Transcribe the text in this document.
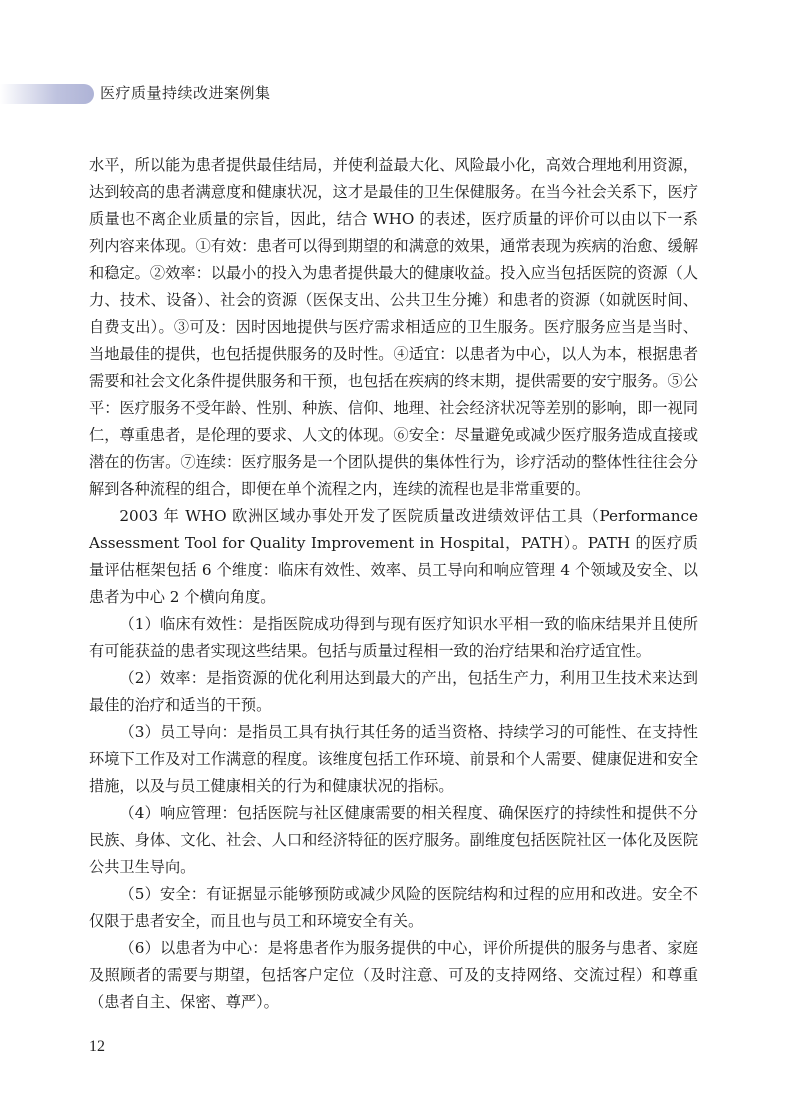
医疗质量持续改进案例集

水平，所以能为患者提供最佳结局，并使利益最大化、风险最小化，高效合理地利用资源，达到较高的患者满意度和健康状况，这才是最佳的卫生保健服务。在当今社会关系下，医疗质量也不离企业质量的宗旨，因此，结合 WHO 的表述，医疗质量的评价可以由以下一系列内容来体现。①有效：患者可以得到期望的和满意的效果，通常表现为疾病的治愈、缓解和稳定。②效率：以最小的投入为患者提供最大的健康收益。投入应当包括医院的资源（人力、技术、设备）、社会的资源（医保支出、公共卫生分摊）和患者的资源（如就医时间、自费支出）。③可及：因时因地提供与医疗需求相适应的卫生服务。医疗服务应当是当时、当地最佳的提供，也包括提供服务的及时性。④适宜：以患者为中心，以人为本，根据患者需要和社会文化条件提供服务和干预，也包括在疾病的终末期，提供需要的安宁服务。⑤公平：医疗服务不受年龄、性别、种族、信仰、地理、社会经济状况等差别的影响，即一视同仁，尊重患者，是伦理的要求、人文的体现。⑥安全：尽量避免或减少医疗服务造成直接或潜在的伤害。⑦连续：医疗服务是一个团队提供的集体性行为，诊疗活动的整体性往往会分解到各种流程的组合，即便在单个流程之内，连续的流程也是非常重要的。

2003 年 WHO 欧洲区域办事处开发了医院质量改进绩效评估工具（Performance Assessment Tool for Quality Improvement in Hospital，PATH）。PATH 的医疗质量评估框架包括 6 个维度：临床有效性、效率、员工导向和响应管理 4 个领域及安全、以患者为中心 2 个横向角度。

（1）临床有效性：是指医院成功得到与现有医疗知识水平相一致的临床结果并且使所有可能获益的患者实现这些结果。包括与质量过程相一致的治疗结果和治疗适宜性。

（2）效率：是指资源的优化利用达到最大的产出，包括生产力，利用卫生技术来达到最佳的治疗和适当的干预。

（3）员工导向：是指员工具有执行其任务的适当资格、持续学习的可能性、在支持性环境下工作及对工作满意的程度。该维度包括工作环境、前景和个人需要、健康促进和安全措施，以及与员工健康相关的行为和健康状况的指标。

（4）响应管理：包括医院与社区健康需要的相关程度、确保医疗的持续性和提供不分民族、身体、文化、社会、人口和经济特征的医疗服务。副维度包括医院社区一体化及医院公共卫生导向。

（5）安全：有证据显示能够预防或减少风险的医院结构和过程的应用和改进。安全不仅限于患者安全，而且也与员工和环境安全有关。

（6）以患者为中心：是将患者作为服务提供的中心，评价所提供的服务与患者、家庭及照顾者的需要与期望，包括客户定位（及时注意、可及的支持网络、交流过程）和尊重（患者自主、保密、尊严）。

12
